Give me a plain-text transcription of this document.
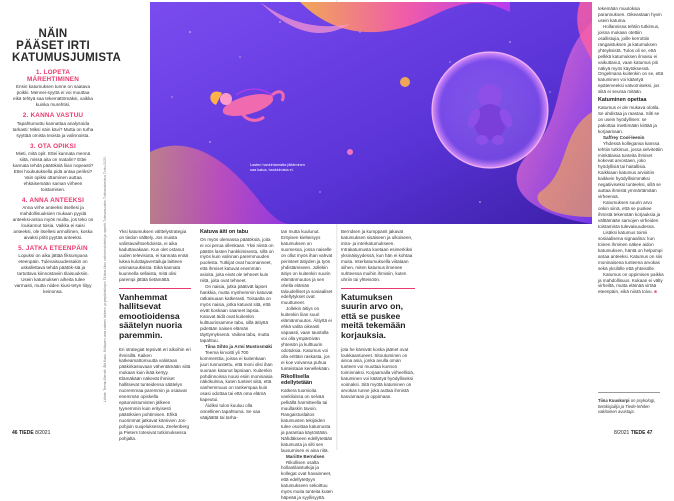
NÄIN
PÄÄSET IRTI
KATUMUSJUMISTA
1. LOPETA MÄREHTIMINEN

Ensin katumuksen tunne on saatava poikki. Mennei-syyttä ei voi muuttaa eikä tehtyä saa tekemättömäksi, vaikka kuinka murehtisi.

2. KANNA VASTUU

Tapahtumuttu kannattaa analysoida tarkasti: Miksi näin kävi? Mutta on turha syyttää omista teoista ja valinnoista.

3. OTA OPIKSI

Mieti, mitä opit. Ettei kannata mennä siitä, missä aita on matalin? Ettei kannata tehdä päätöksiä liian nopeasti? Ettei houkutuksella pidä antaa periksi? Vain opiksi ottaminen auttaa ehkäisemään saman virheen toistamisen.

4. ANNA ANTEEKSI

Anna virhe anteeksi itsellesi ja mahdollisuuksien mukaan pyydä anteeksi-antoa myös muilta, jos teko on loukannut toisia. Vaikka ei saisi anteeksi, ole itsellesi armollinen, koska aivaksi pritit pyytää anteeksi.

5. JATKA ETEENPÄIN

Lopuksi on aika jättää fiksumpana eteenpäin. Tulevaisuudessakin on uskallettava tehdä päätök-siä ja tartuttava kiinnostaviin tilaisuuksiin. Usein katumuksen aiheita tulee varmasti, mutta niiden kiusi-tetyn liityy keinonsa.	Lähde: Teemu Berndt: Älä Kadu. Mulipaen oma valmen lahtenn ja ympäristöopin TiUsim-liiton vaihtoehdotiettuja raportti Tulevaisuuden Tutkimuskeskus Turku 2020.	Lasten hankintamatta jättäminen saa katua, hankkimista ei.

Yksi katumuksen välttelystrategia on tiedon välttely. Jos muista valintavaihtoehdoista, ei aika kaduttavakaan. Kun olet ostanut uuden televisiota, ei kannata enää lukea kuluttajavertailuja laitteen ominaisuuksista. Eikä kannata kuunnella sellaista, mitä olisi parempi jättää tietämättä.

Vanhemmat hallitsevat emootioidensa säätelyn nuoria paremmin.

Eri strategiat tepsivät eri aikoihin eri ihmisillä. Kaiken katkeamattomuutta valintaan pääkirkastuvaan vähentämään siitä mukaan kuin ikää kertyy. Elämäkään näkevät ihmiset hallitsevat tunteidensa säätelyn nuoremmaa paremmin ja osaavat enemmän opiskella epäonnistumisten jälkeen tyynemmin kuin erityisesti päätöksien pohtimisen. Ehkä nuorimmat jatkavat kärsivien Jos-pohjoin suojeluksessa, Zeelenberg ja Pieters totesivat tutkimuksessa pohjalta.

Katuva äiti on tabu

On myös olemassa päätöksiä, joita ei voi perua ollenkaan. Yksi niistä on päätös lasten hankkimisesta, sillä on myös kuin valinnan paremmuuden puolesta. Tutkijat ovat huomanneet, että ihmiset katuvat enemmän asioita, joita eivät ole tehneet kuin niitä, joita ovat tehneet.

On naisia, jotka päätivät lapset hankkia, mutta myöhemmin katuivat ratkaisuaan katkerasti. Toisaalta on myös naisia, jotka katuvat sitä, että eivät koskaan saaneet lapsia. Katuvat äidit ovat kuitenkin kulttuurissamme tabu, sillä äitiyttä pidetään naisen elämän täyttymyksenä. Vaikea tabu, mutta tapahtuu.

Tiina Sihto ja Armi Mustosmäki

Teema kirvoitti yli 700 kommenttia, joissa ei kuitenkaan juuri tunnustettu, että moni olisi ihan suoraan katunut lapsiaan. Kuitenkin pohdinnoissa nousi esiin moninaisia näkökulmia, kuten tunteet siitä, että vanhemmuus on rankempaa kuin osasi odottaa tai että oma elämä kapeutui.

Äidiksi tulon kuuluu olla onnellinen tapahtuma. Se saa vääjäättä tai tarha-

tan mutta kuulunut. Erityisen kielteisyys katumuksen on suomessa, jossa naiselle on ollut myös ihan vahvat perinteet äitiyden ja työn yhdistämiseen. Jollekin äitiys on kuitenkin suurin elämänmuutos ja sen ohella elämän taloudelliset ja sosiaaliset edellytykset ovat muuttuneet.

Jollekin äitiys on kuitenkin liian suuri elämänmuutos. Äitiyttä ei ehkä valita oikeasti vapaasti, vaan taustalla voi olla ympäröivän yhteisön ja kulttuurin odotuksia. Katumus voi olla erittäin raskasta, jos ei koe voivansa puhua tunteistaan kenellekään.

Rikollisella edellytetään

Katkera tuomioita vankiloissa on selvää pelkällä harmitteella tai muullaskin tavoin. Rangaistuslaitos katumusten tekijöiden tulee osoittaa katumusta ja parantaa käytöstään. Nähdäkseen edellytetään katumusta ja silti sen lausuminen ei aina riitä.

Mariitte Berndsen

Rikollisen osalta hollantilaistutkija ja kollegat ovat havainneet, että edellytettyyn katumukseen sekoittuu myös muita tunteita kuten häpeää ja syyllisyyttä.

Berndsen ja kumppanit jakavat katumuksen sisäiseen ja ulkoiseen, intra- ja interkatumukseen. Intrakatumusta koetaan esimerkiksi yksinäisyydessä, kun hän ei kohtaa muita. Interkatumuksella viitataan siihen, miten katumus ilmenee suhteessa muihin ihmisiin, kuten uhriin tai yhteisöön.

Katumuksen suurin arvo on, että se puskee meitä tekemään korjauksia.

jota he kärsivät koska jäänet ovat loukkaantuneet. Sitoutuminen on ainoa asia, jonka avulla oman tunteen voi muuttaa kunnon toiminnaksi. Korjaamalla virheellisiä, katuminen voi kääntyä hyödylliseksi voimaksi. Sitä myötä katuminen on arvokas tunne joka auttaa ihmistä kasvamaan ja oppimaan.

tekemään muutoksia parannuksen. Oikeastaan hyvin usein katuma.

Hollannissa tehtiin tutkimus, joissa mukaan otettiin osallistujia, joille kerrottiin rangaistuksen ja katumuksen yhteyksistä. Tulos oli se, että pelkkä katumuksen ilmaisu ei vaikuttanut, vaan katumus piti näkyä myös käytöksessä. Ongelmana kuitenkin on se, että katuminen voi kääntyä epäterveeksi vatvomiseksi, jos siitä ei seuraa mitään.

Katuminen opettaa

Katumus ei ole mukava olotila. Se ahdistaa ja raastaa. Silti se on usein hyödyllinen: se pakottaa miettimään kiittää ja korjaamaan.

Saffrey Cool-leenin

Yhdessä kollegansa kanssa tehtiin tutkimus, jossa selvitettiin minkälaisia tunteita ihmiset kokevat arvostaen, joko hyödyllisiä tai haitallisia. Kaikkiaan katumus arvioitiin kaikkein hyödyllisimmäksi negatiiviseksi tunteeksi, sillä se auttaa ihmistä ymmärtämään virheensä.

Katumuksen suurin arvo onkin siinä, että se puskee ihmistä tekemään korjauksia ja välttämään samojen virheiden toistamista tulevaisuudessa.

Lisäksi katumus toimii sosiaalisena signaalina: kun toinen ihminen näkee aidon katumuksen, häntä on helpompi antaa anteeksi. Katumus on siis moninaisena tunteena arvokas sekä yksilölle että yhteisölle.

Katumus on oppimisen paikka ja mahdollisuus. Kukaan ei välty virheiltä, mutta elämää virtää eteenpäin, eikä niistä toivu. ■

Tiina Kuuskorpi on psykologi, tietokirjailija ja Tiede-lehden vakituinen avustaja.
46 TIEDE 8/2021	8/2021 TIEDE 47
